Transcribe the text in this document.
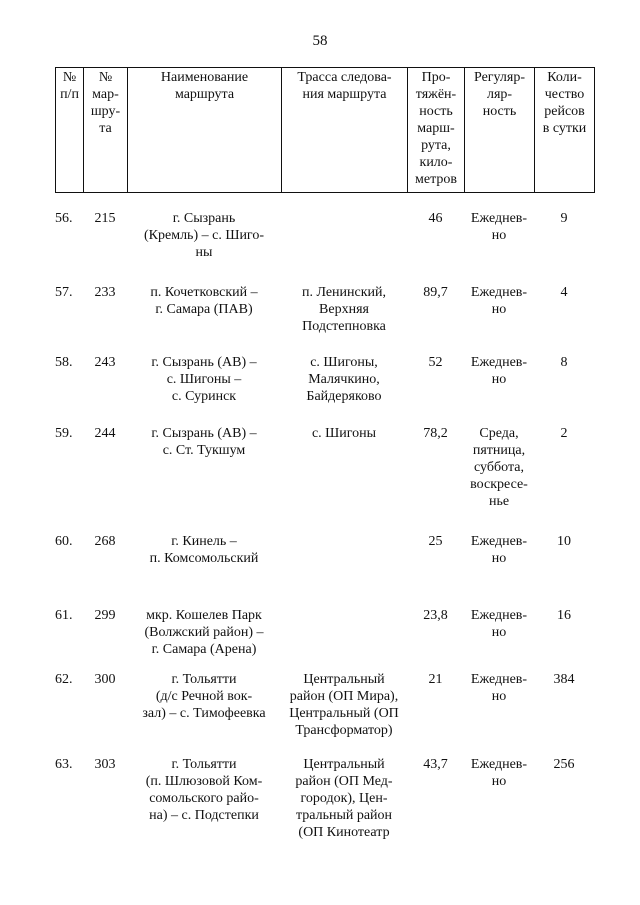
58
№
п/п

№
мар-
шру-
та

Наименование
маршрута

Трасса следова-
ния маршрута

Про-
тяжён-
ность
марш-
рута,
кило-
метров

Регуляр-
ляр-
ность

Коли-
чество
рейсов
в сутки
56.	215	г. Сызрань
(Кремль) – с. Шиго-
ны		46	Ежеднев-
но	9
57.	233	п. Кочетковский –
г. Самара (ПАВ)	п. Ленинский,
Верхняя
Подстепновка	89,7	Ежеднев-
но	4
58.	243	г. Сызрань (АВ) –
с. Шигоны –
с. Суринск	с. Шигоны,
Малячкино,
Байдеряково	52	Ежеднев-
но	8
59.	244	г. Сызрань (АВ) –
с. Ст. Тукшум	с. Шигоны	78,2	Среда,
пятница,
суббота,
воскресе-
нье	2
60.	268	г. Кинель –
п. Комсомольский		25	Ежеднев-
но	10
61.	299	мкр. Кошелев Парк
(Волжский район) –
г. Самара (Арена)		23,8	Ежеднев-
но	16
62.	300	г. Тольятти
(д/с Речной вок-
зал) – с. Тимофеевка	Центральный
район (ОП Мира),
Центральный (ОП
Трансформатор)	21	Ежеднев-
но	384
63.	303	г. Тольятти
(п. Шлюзовой Ком-
сомольского райо-
на) – с. Подстепки	Центральный
район (ОП Мед-
городок), Цен-
тральный район
(ОП Кинотеатр	43,7	Ежеднев-
но	256
